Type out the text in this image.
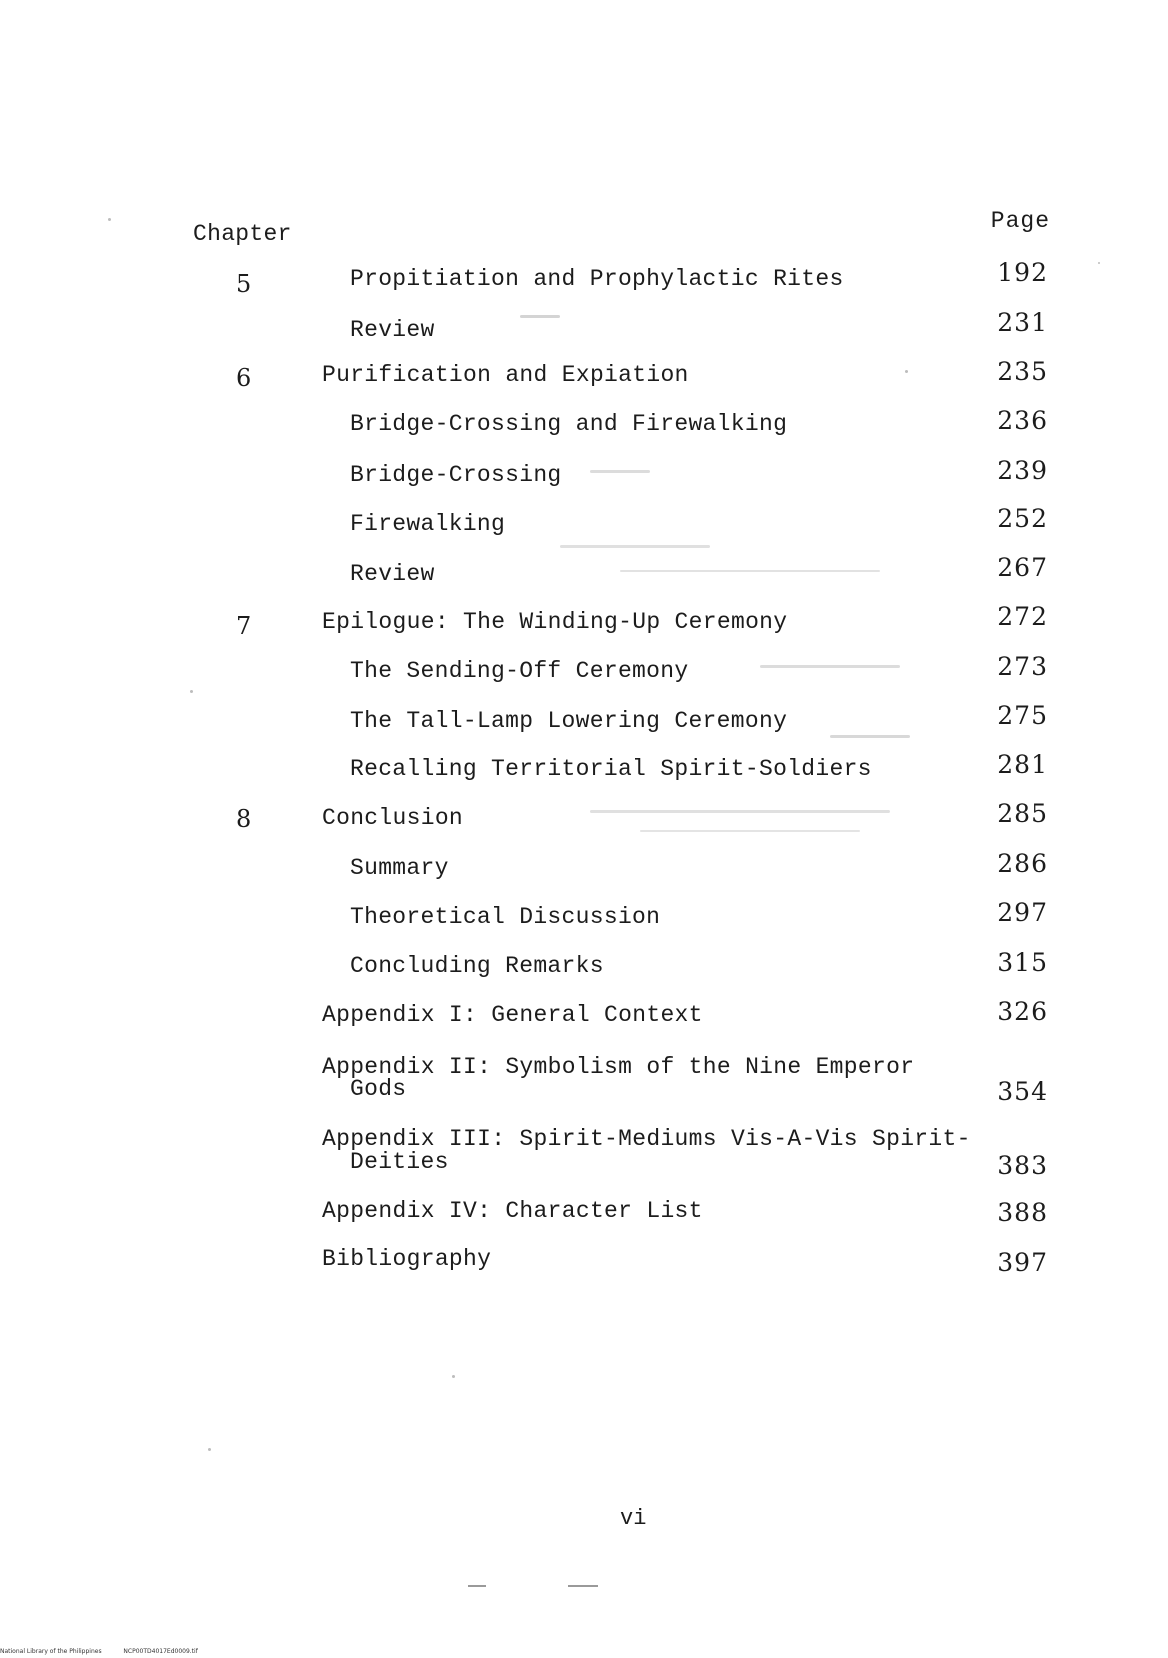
Chapter	Page
5	Propitiation and Prophylactic Rites	192
Review	231
6	Purification and Expiation	235
Bridge-Crossing and Firewalking	236
Bridge-Crossing	239
Firewalking	252
Review	267
7	Epilogue: The Winding-Up Ceremony	272
The Sending-Off Ceremony	273
The Tall-Lamp Lowering Ceremony	275
Recalling Territorial Spirit-Soldiers	281
8	Conclusion	285
Summary	286
Theoretical Discussion	297
Concluding Remarks	315
Appendix I: General Context	326
Appendix II: Symbolism of the Nine Emperor
Gods	354
Appendix III: Spirit-Mediums Vis-A-Vis Spirit-
Deities	383
Appendix IV: Character List	388
Bibliography	397
vi
National Library of the Philippines	NCP00TD4017Ed0009.tif
